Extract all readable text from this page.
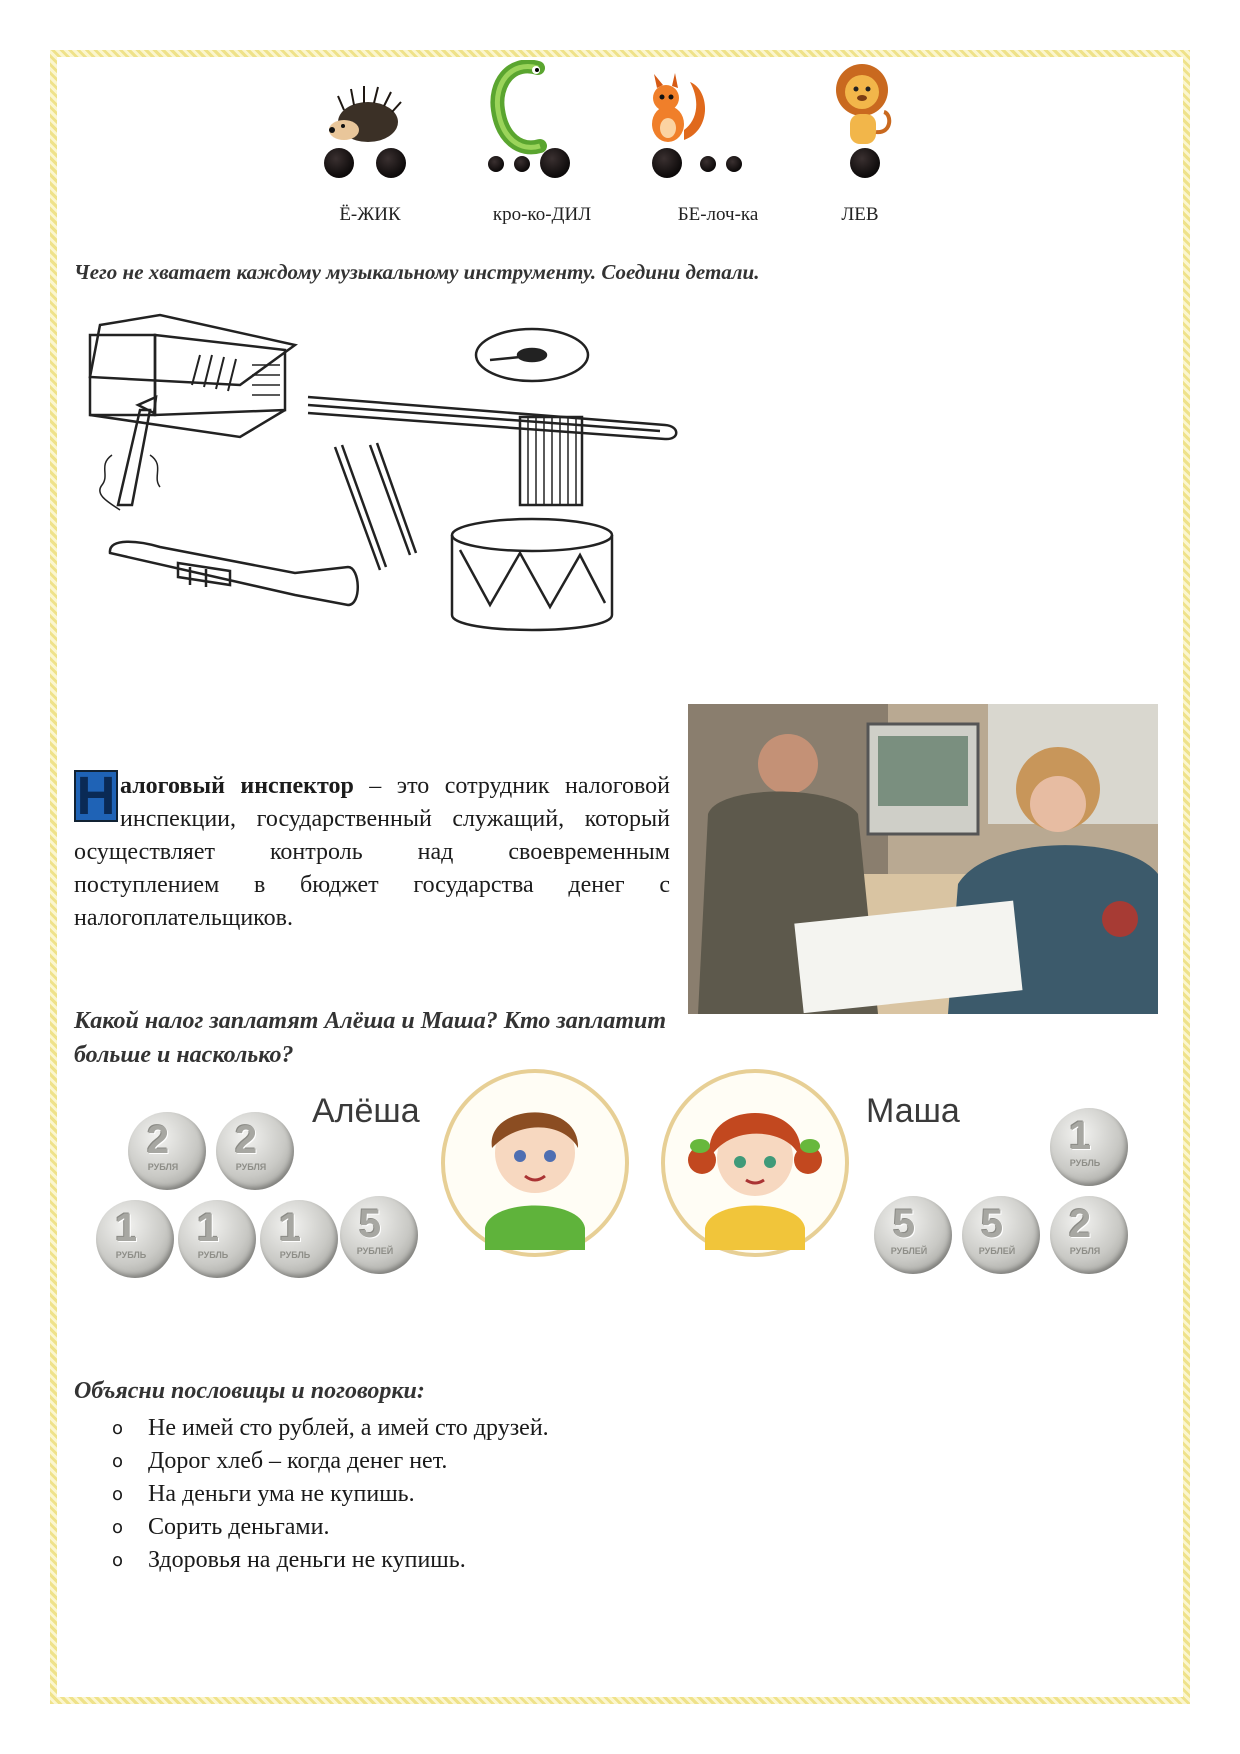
Ё-ЖИК	кро-ко-ДИЛ	БЕ-лоч-ка	ЛЕВ
Чего не хватает каждому музыкальному инструменту. Соедини детали.
Н алоговый инспектор – это сотрудник налоговой инспекции, государственный служащий, который осуществляет контроль над своевременным поступлением в бюджет государства денег с налогоплательщиков.
Какой налог заплатят Алёша и Маша? Кто заплатит больше и насколько?
Алёша	Маша
2
РУБЛЯ
2
РУБЛЯ
1
РУБЛЬ
1
РУБЛЬ
1
РУБЛЬ
5
РУБЛЕЙ
1
РУБЛЬ
5
РУБЛЕЙ
5
РУБЛЕЙ
2
РУБЛЯ
Объясни пословицы и поговорки:
o Не имей сто рублей, а имей сто друзей.
o Дорог хлеб – когда денег нет.
o На деньги ума не купишь.
o Сорить деньгами.
o Здоровья на деньги не купишь.
